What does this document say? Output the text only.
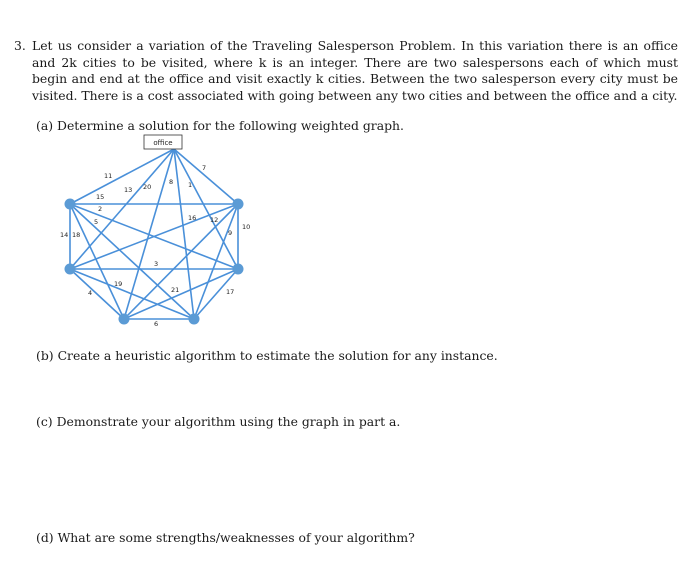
3. Let us consider a variation of the Traveling Salesperson Problem. In this variation there is an office and 2k cities to be visited, where k is an integer. There are two salespersons each of which must begin and end at the office and visit exactly k cities. Between the two salesperson every city must be visited. There is a cost associated with going between any two cities and between the office and a city.
(a) Determine a solution for the following weighted graph.
office
11
13 20
8
7
1
15
2
5	16 12
10
9
14 18
3
19
4	21	17
6
(b) Create a heuristic algorithm to estimate the solution for any instance.
(c) Demonstrate your algorithm using the graph in part a.
(d) What are some strengths/weaknesses of your algorithm?
